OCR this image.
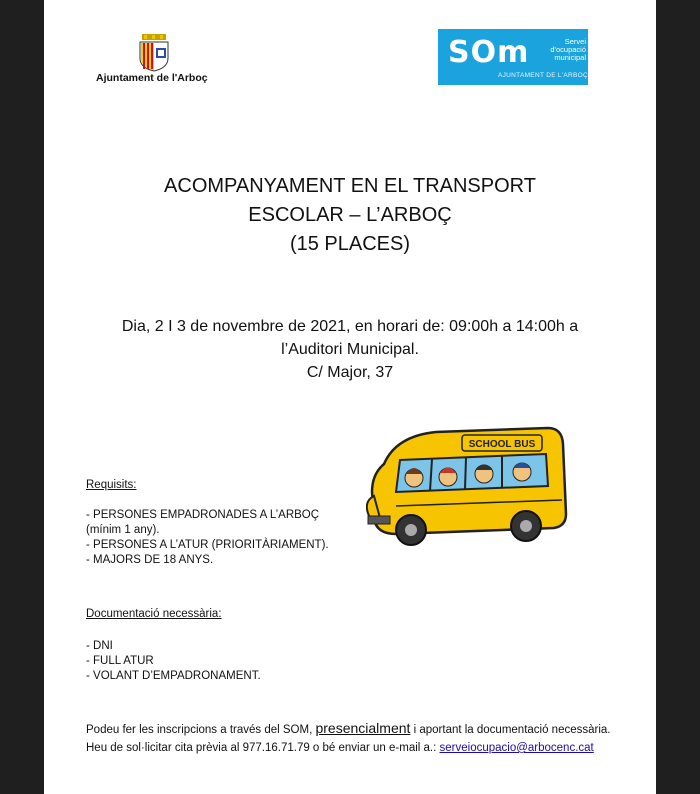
Ajuntament de l'Arboç
SOm	Servei d'ocupació municipal
AJUNTAMENT DE L'ARBOÇ
ACOMPANYAMENT EN EL TRANSPORT
ESCOLAR – L’ARBOÇ
(15 PLACES)
Dia, 2 I 3 de novembre de 2021, en horari de: 09:00h a 14:00h a
l’Auditori Municipal.
C/ Major, 37
SCHOOL BUS
Requisits:
- PERSONES EMPADRONADES A L’ARBOÇ
(mínim 1 any).
- PERSONES A L’ATUR (PRIORITÀRIAMENT).
- MAJORS DE 18 ANYS.
Documentació necessària:
- DNI
- FULL ATUR
- VOLANT D’EMPADRONAMENT.
Podeu fer les inscripcions a través del SOM, presencialment i aportant la documentació necessària. Heu de sol·licitar cita prèvia al 977.16.71.79 o bé enviar un e-mail a.: serveiocupacio@arbocenc.cat
